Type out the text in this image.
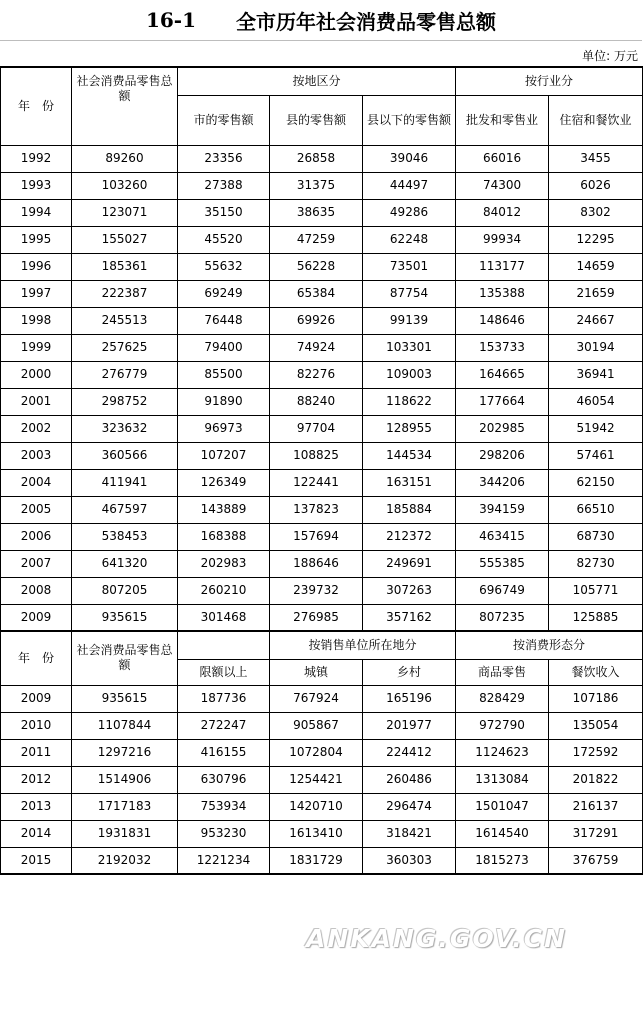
16-1 全市历年社会消费品零售总额
单位: 万元
年　份	社会消费品零售总额	按地区分			按行业分	
		市的零售额	县的零售额	县以下的零售额	批发和零售业	住宿和餐饮业
1992	89260	23356	26858	39046	66016	3455
1993	103260	27388	31375	44497	74300	6026
1994	123071	35150	38635	49286	84012	8302
1995	155027	45520	47259	62248	99934	12295
1996	185361	55632	56228	73501	113177	14659
1997	222387	69249	65384	87754	135388	21659
1998	245513	76448	69926	99139	148646	24667
1999	257625	79400	74924	103301	153733	30194
2000	276779	85500	82276	109003	164665	36941
2001	298752	91890	88240	118622	177664	46054
2002	323632	96973	97704	128955	202985	51942
2003	360566	107207	108825	144534	298206	57461
2004	411941	126349	122441	163151	344206	62150
2005	467597	143889	137823	185884	394159	66510
2006	538453	168388	157694	212372	463415	68730
2007	641320	202983	188646	249691	555385	82730
2008	807205	260210	239732	307263	696749	105771
2009	935615	301468	276985	357162	807235	125885
年　份	社会消费品零售总额		按销售单位所在地分		按消费形态分	
		限额以上	城镇	乡村	商品零售	餐饮收入
2009	935615	187736	767924	165196	828429	107186
2010	1107844	272247	905867	201977	972790	135054
2011	1297216	416155	1072804	224412	1124623	172592
2012	1514906	630796	1254421	260486	1313084	201822
2013	1717183	753934	1420710	296474	1501047	216137
2014	1931831	953230	1613410	318421	1614540	317291
2015	2192032	1221234	1831729	360303	1815273	376759
ANKANG.GOV.CN
